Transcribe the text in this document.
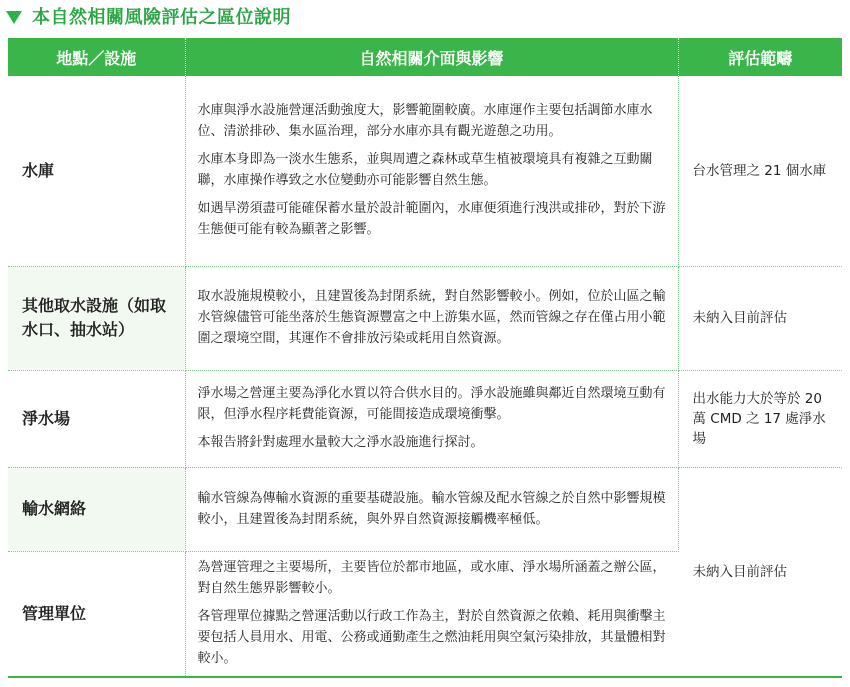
本自然相關風險評估之區位說明
地點／設施	自然相關介面與影響	評估範疇
水庫	水庫與淨水設施營運活動強度大，影響範圍較廣。水庫運作主要包括調節水庫水位、清淤排砂、集水區治理，部分水庫亦具有觀光遊憩之功用。

水庫本身即為一淡水生態系，並與周遭之森林或草生植被環境具有複雜之互動關聯，水庫操作導致之水位變動亦可能影響自然生態。

如遇旱澇須盡可能確保蓄水量於設計範圍內，水庫便須進行洩洪或排砂，對於下游生態便可能有較為顯著之影響。	台水管理之 21 個水庫
其他取水設施（如取水口、抽水站）	取水設施規模較小，且建置後為封閉系統，對自然影響較小。例如，位於山區之輸水管線儘管可能坐落於生態資源豐富之中上游集水區，然而管線之存在僅占用小範圍之環境空間，其運作不會排放污染或耗用自然資源。	未納入目前評估
淨水場	淨水場之營運主要為淨化水質以符合供水目的。淨水設施雖與鄰近自然環境互動有限，但淨水程序耗費能資源，可能間接造成環境衝擊。

本報告將針對處理水量較大之淨水設施進行探討。	出水能力大於等於 20 萬 CMD 之 17 處淨水場
輸水網絡	輸水管線為傳輸水資源的重要基礎設施。輸水管線及配水管線之於自然中影響規模較小，且建置後為封閉系統，與外界自然資源接觸機率極低。	未納入目前評估
管理單位	為營運管理之主要場所，主要皆位於都市地區，或水庫、淨水場所涵蓋之辦公區，對自然生態界影響較小。

各管理單位據點之營運活動以行政工作為主，對於自然資源之依賴、耗用與衝擊主要包括人員用水、用電、公務或通勤產生之燃油耗用與空氣污染排放，其量體相對較小。	
